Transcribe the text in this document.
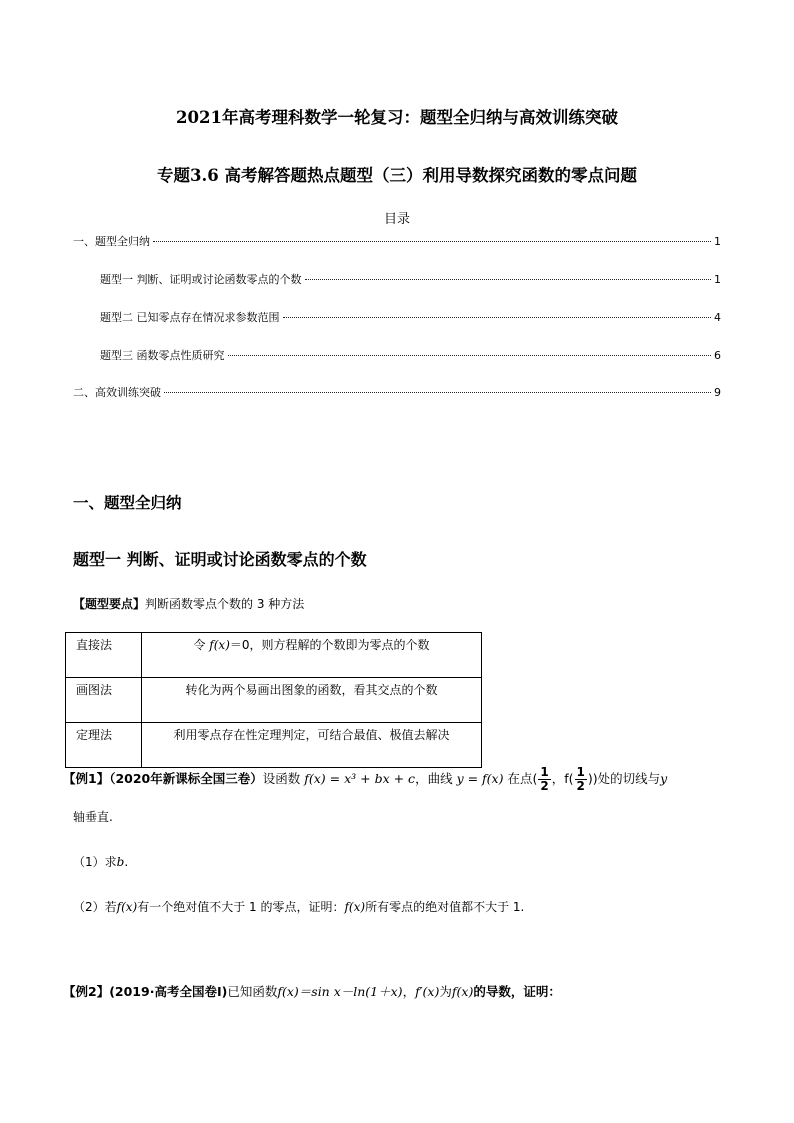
2021年高考理科数学一轮复习：题型全归纳与高效训练突破
专题3.6 高考解答题热点题型（三）利用导数探究函数的零点问题
目录
一、题型全归纳	1
题型一 判断、证明或讨论函数零点的个数	1
题型二 已知零点存在情况求参数范围	4
题型三 函数零点性质研究	6
二、高效训练突破	9
一、题型全归纳
题型一 判断、证明或讨论函数零点的个数
【题型要点】判断函数零点个数的 3 种方法
直接法	令 f(x)＝0，则方程解的个数即为零点的个数
画图法	转化为两个易画出图象的函数，看其交点的个数
定理法	利用零点存在性定理判定，可结合最值、极值去解决
【例1】（2020年新课标全国三卷）设函数 f(x) = x³ + bx + c，曲线 y = f(x) 在点( $\frac{1}{2}$ ，$f( \frac{1}{2}$ ))处的切线与y
轴垂直.
（1）求b.
（2）若f(x)有一个绝对值不大于 1 的零点，证明：f(x)所有零点的绝对值都不大于 1.
【例2】(2019·高考全国卷Ⅰ)已知函数f(x)＝sin x－ln(1＋x)，f′(x)为f(x)的导数，证明：
